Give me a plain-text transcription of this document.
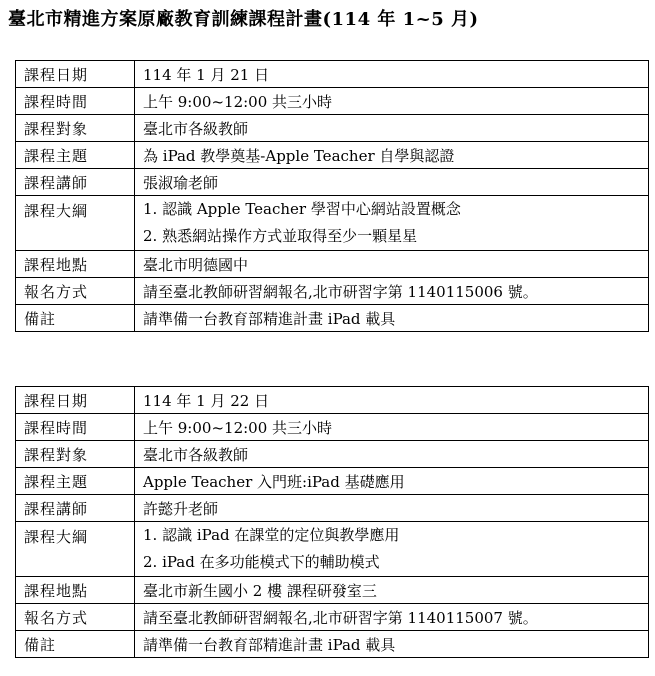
臺北市精進方案原廠教育訓練課程計畫(114 年 1~5 月)
課程日期	114 年 1 月 21 日
課程時間	上午 9:00~12:00 共三小時
課程對象	臺北市各級教師
課程主題	為 iPad 教學奠基-Apple Teacher 自學與認證
課程講師	張淑瑜老師
課程大綱	1. 認識 Apple Teacher 學習中心網站設置概念
2. 熟悉網站操作方式並取得至少一顆星星

課程地點	臺北市明德國中
報名方式	請至臺北教師研習網報名,北市研習字第 1140115006 號。
備註	請準備一台教育部精進計畫 iPad 載具
課程日期	114 年 1 月 22 日
課程時間	上午 9:00~12:00 共三小時
課程對象	臺北市各級教師
課程主題	Apple Teacher 入門班:iPad 基礎應用
課程講師	許懿升老師
課程大綱	1. 認識 iPad 在課堂的定位與教學應用
2. iPad 在多功能模式下的輔助模式

課程地點	臺北市新生國小 2 樓 課程研發室三
報名方式	請至臺北教師研習網報名,北市研習字第 1140115007 號。
備註	請準備一台教育部精進計畫 iPad 載具
